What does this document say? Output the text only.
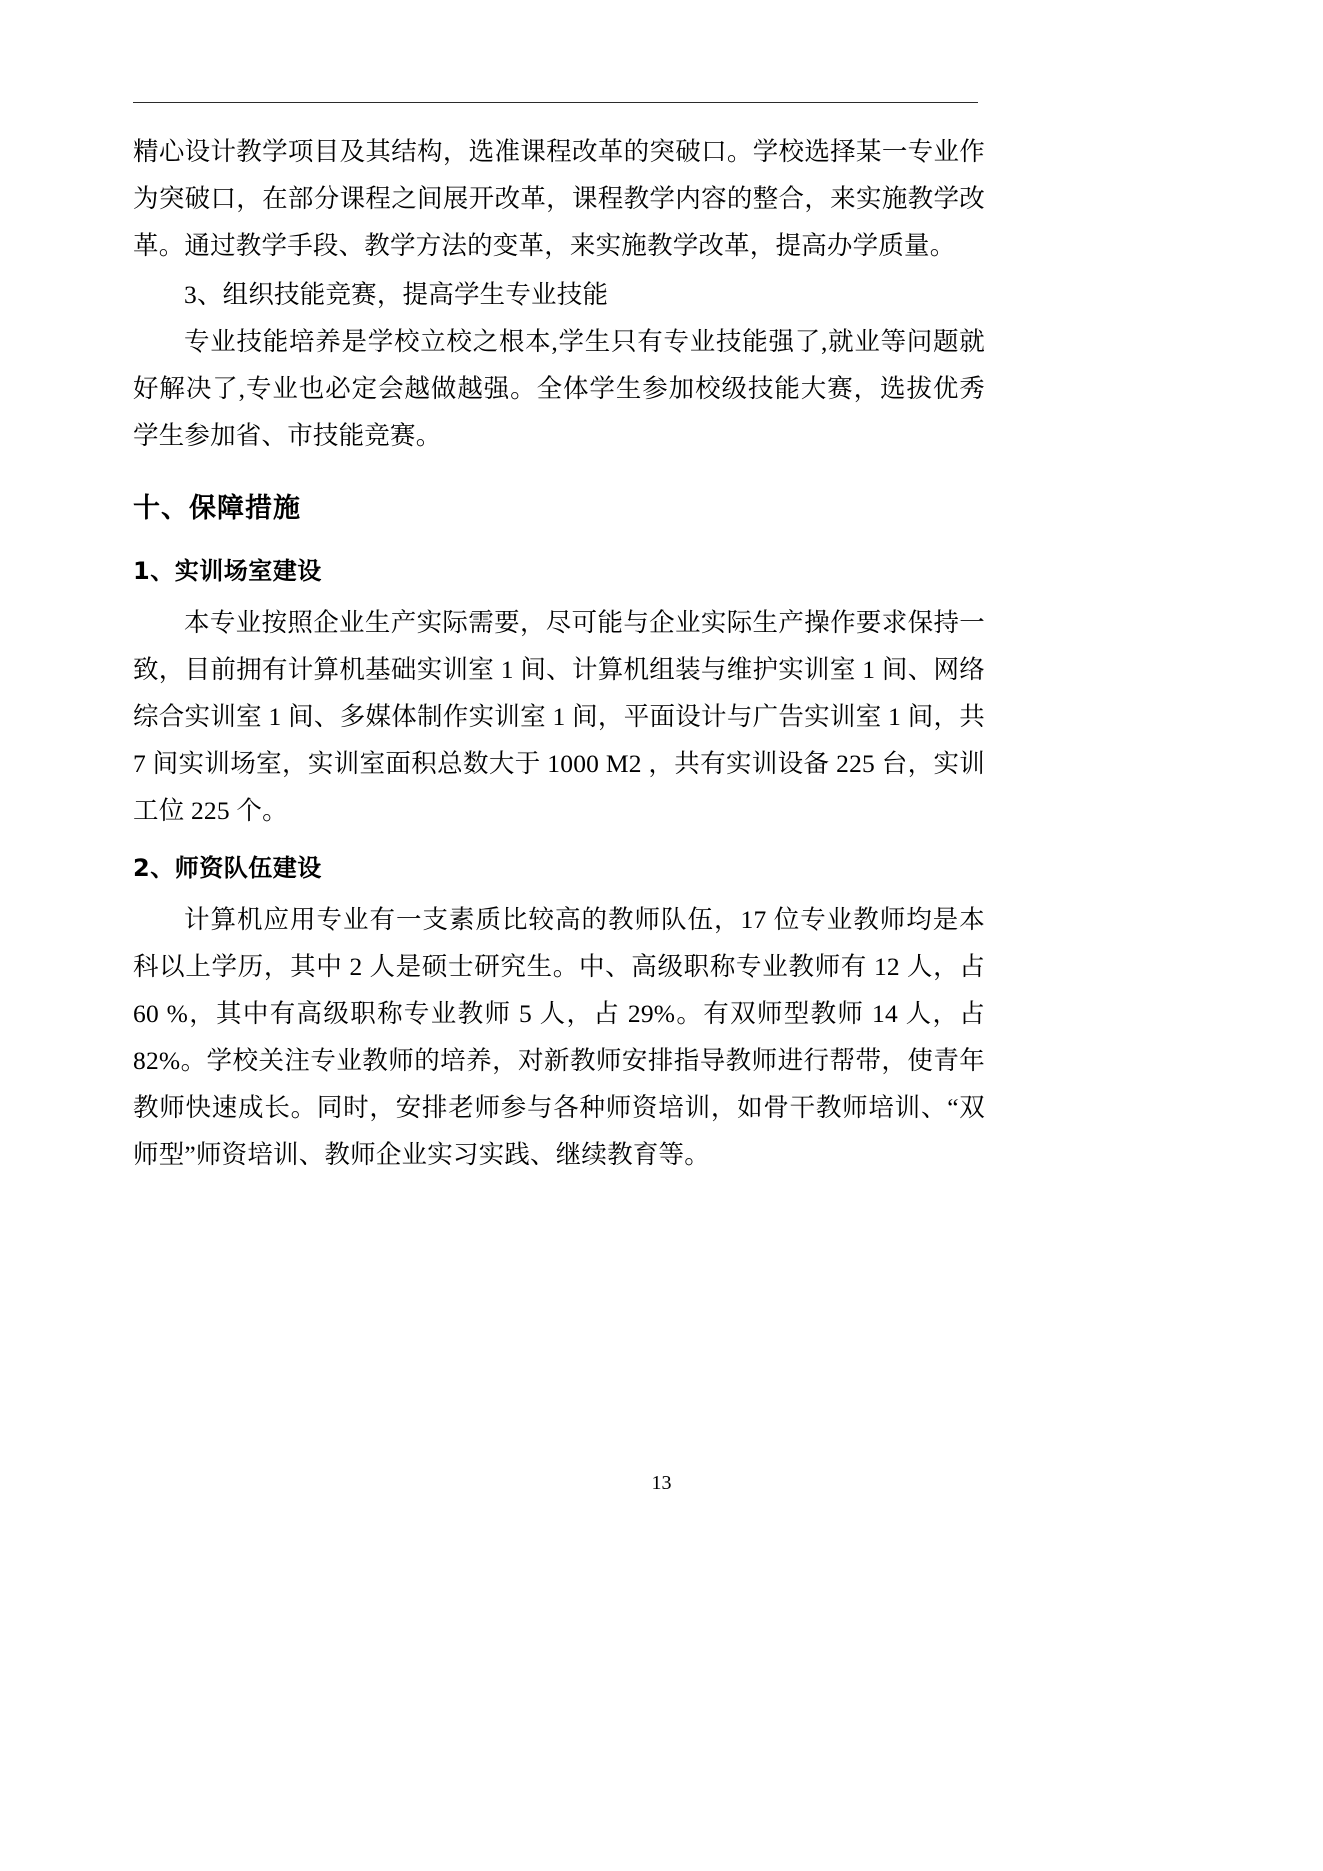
精心设计教学项目及其结构，选准课程改革的突破口。学校选择某一专业作为突破口，在部分课程之间展开改革，课程教学内容的整合，来实施教学改革。通过教学手段、教学方法的变革，来实施教学改革，提高办学质量。

3、组织技能竞赛，提高学生专业技能

专业技能培养是学校立校之根本,学生只有专业技能强了,就业等问题就好解决了,专业也必定会越做越强。全体学生参加校级技能大赛，选拔优秀学生参加省、市技能竞赛。

十、保障措施
1、实训场室建设

本专业按照企业生产实际需要，尽可能与企业实际生产操作要求保持一致，目前拥有计算机基础实训室 1 间、计算机组装与维护实训室 1 间、网络综合实训室 1 间、多媒体制作实训室 1 间，平面设计与广告实训室 1 间，共 7 间实训场室，实训室面积总数大于 1000 M2 ，共有实训设备 225 台，实训工位 225 个。

2、师资队伍建设

计算机应用专业有一支素质比较高的教师队伍，17 位专业教师均是本科以上学历，其中 2 人是硕士研究生。中、高级职称专业教师有 12 人，占 60 %，其中有高级职称专业教师 5 人，占 29%。有双师型教师 14 人，占 82%。学校关注专业教师的培养，对新教师安排指导教师进行帮带，使青年教师快速成长。同时，安排老师参与各种师资培训，如骨干教师培训、“双师型”师资培训、教师企业实习实践、继续教育等。

13
